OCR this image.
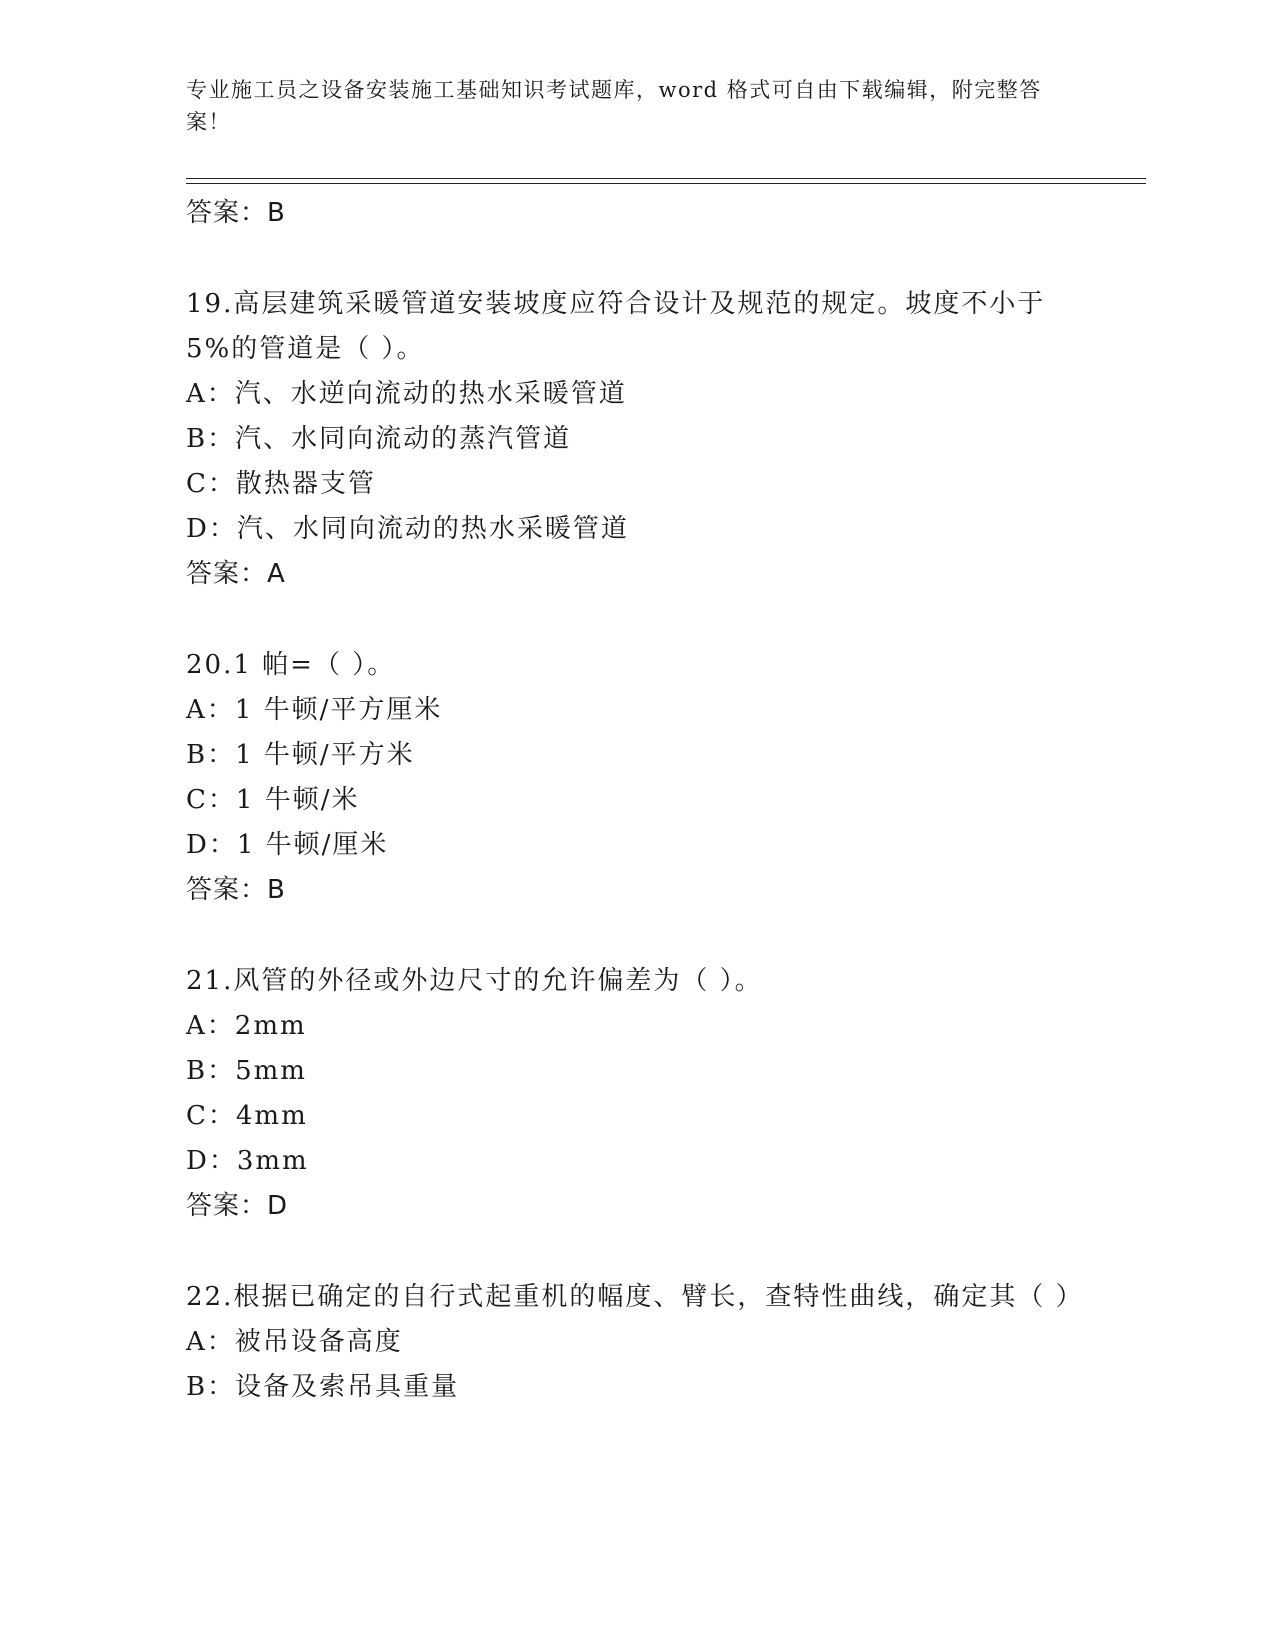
专业施工员之设备安装施工基础知识考试题库，word 格式可自由下载编辑，附完整答案！
答案：B
19.高层建筑采暖管道安装坡度应符合设计及规范的规定。坡度不小于5%的管道是（ ）。
A：汽、水逆向流动的热水采暖管道
B：汽、水同向流动的蒸汽管道
C：散热器支管
D：汽、水同向流动的热水采暖管道
答案：A
20.1 帕=（ ）。
A：1 牛顿/平方厘米
B：1 牛顿/平方米
C：1 牛顿/米
D：1 牛顿/厘米
答案：B
21.风管的外径或外边尺寸的允许偏差为（ ）。
A：2mm
B：5mm
C：4mm
D：3mm
答案：D
22.根据已确定的自行式起重机的幅度、臂长，查特性曲线，确定其（ ）
A：被吊设备高度
B：设备及索吊具重量
